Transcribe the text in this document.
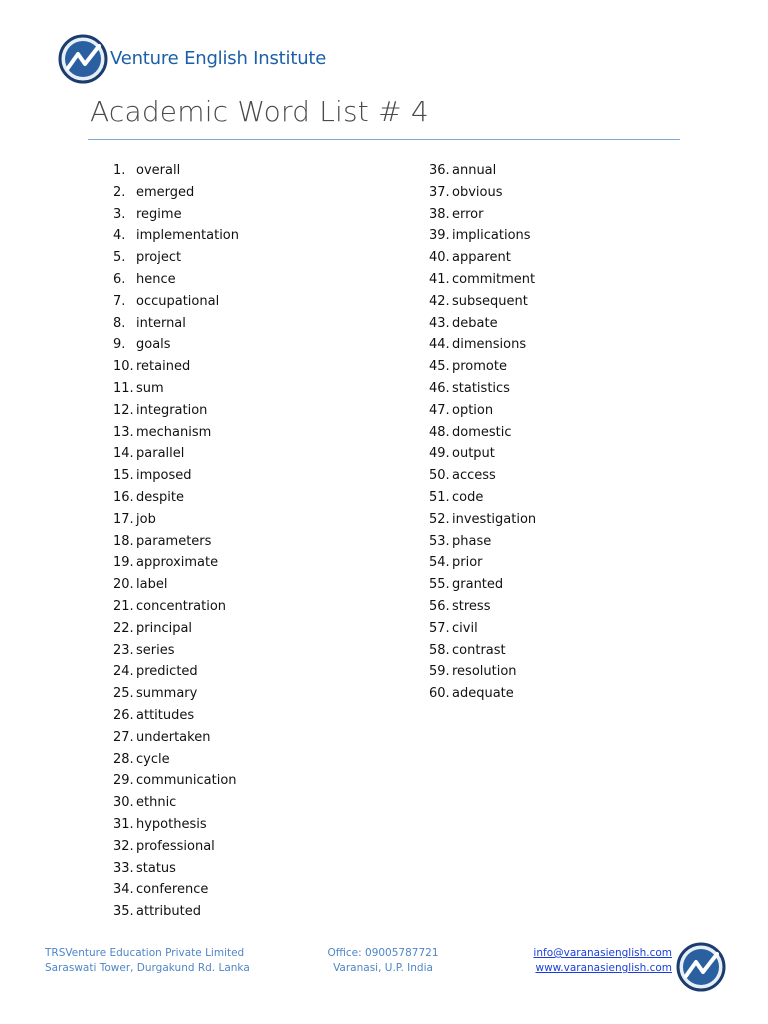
Venture English Institute
Academic Word List # 4
1. overall
2. emerged
3. regime
4. implementation
5. project
6. hence
7. occupational
8. internal
9. goals
10. retained
11. sum
12. integration
13. mechanism
14. parallel
15. imposed
16. despite
17. job
18. parameters
19. approximate
20. label
21. concentration
22. principal
23. series
24. predicted
25. summary
26. attitudes
27. undertaken
28. cycle
29. communication
30. ethnic
31. hypothesis
32. professional
33. status
34. conference
35. attributed
36. annual
37. obvious
38. error
39. implications
40. apparent
41. commitment
42. subsequent
43. debate
44. dimensions
45. promote
46. statistics
47. option
48. domestic
49. output
50. access
51. code
52. investigation
53. phase
54. prior
55. granted
56. stress
57. civil
58. contrast
59. resolution
60. adequate
TRSVenture Education Private Limited
Saraswati Tower, Durgakund Rd. Lanka
Office: 09005787721
Varanasi, U.P. India
info@varanasienglish.com
www.varanasienglish.com
